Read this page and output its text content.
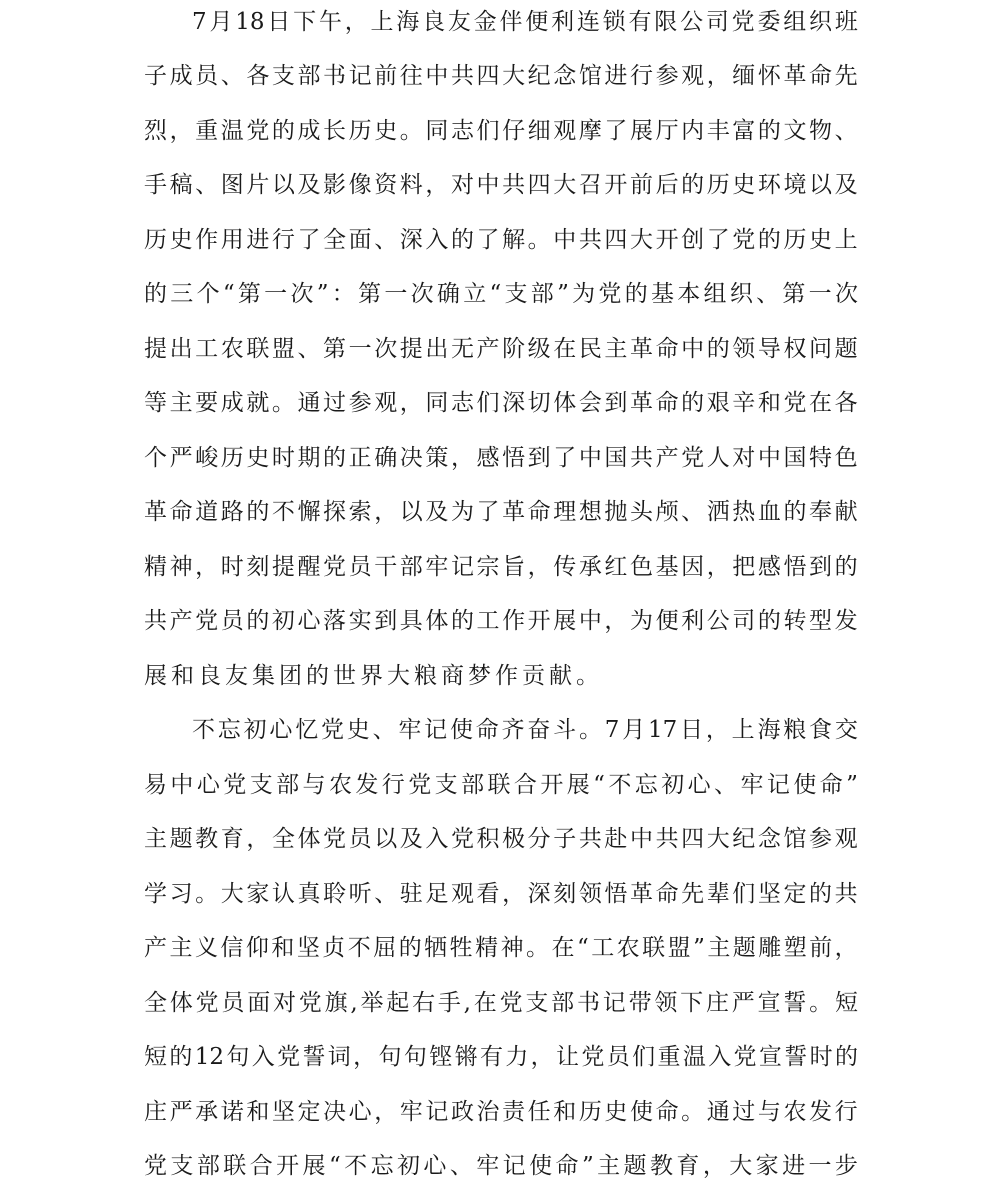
7 月 18 日 下 午 ， 上 海 良 友 金 伴 便 利 连 锁 有 限 公 司 党 委 组 织 班
子 成 员 、 各 支 部 书 记 前 往 中 共 四 大 纪 念 馆 进 行 参 观 ， 缅 怀 革 命 先
烈 ， 重 温 党 的 成 长 历 史 。 同 志 们 仔 细 观 摩 了 展 厅 内 丰 富 的 文 物 、
手 稿 、 图 片 以 及 影 像 资 料 ， 对 中 共 四 大 召 开 前 后 的 历 史 环 境 以 及
历 史 作 用 进 行 了 全 面 、 深 入 的 了 解 。 中 共 四 大 开 创 了 党 的 历 史 上
的 三 个 “ 第 一 次 ” ： 第 一 次 确 立 “ 支 部 ” 为 党 的 基 本 组 织 、 第 一 次
提 出 工 农 联 盟 、 第 一 次 提 出 无 产 阶 级 在 民 主 革 命 中 的 领 导 权 问 题
等 主 要 成 就 。 通 过 参 观 ， 同 志 们 深 切 体 会 到 革 命 的 艰 辛 和 党 在 各
个 严 峻 历 史 时 期 的 正 确 决 策 ， 感 悟 到 了 中 国 共 产 党 人 对 中 国 特 色
革 命 道 路 的 不 懈 探 索 ， 以 及 为 了 革 命 理 想 抛 头 颅 、 洒 热 血 的 奉 献
精 神 ， 时 刻 提 醒 党 员 干 部 牢 记 宗 旨 ， 传 承 红 色 基 因 ， 把 感 悟 到 的
共 产 党 员 的 初 心 落 实 到 具 体 的 工 作 开 展 中 ， 为 便 利 公 司 的 转 型 发
展和良友集团的世界大粮商梦作贡献。
不 忘 初 心 忆 党 史 、 牢 记 使 命 齐 奋 斗 。 7 月 17 日 ， 上 海 粮 食 交
易 中 心 党 支 部 与 农 发 行 党 支 部 联 合 开 展 “ 不 忘 初 心 、 牢 记 使 命 ”
主 题 教 育 ， 全 体 党 员 以 及 入 党 积 极 分 子 共 赴 中 共 四 大 纪 念 馆 参 观
学 习 。 大 家 认 真 聆 听 、 驻 足 观 看 ， 深 刻 领 悟 革 命 先 辈 们 坚 定 的 共
产 主 义 信 仰 和 坚 贞 不 屈 的 牺 牲 精 神 。 在 “ 工 农 联 盟 ” 主 题 雕 塑 前 ，
全 体 党 员 面 对 党 旗 , 举 起 右 手 , 在 党 支 部 书 记 带 领 下 庄 严 宣 誓 。 短
短 的 12 句 入 党 誓 词 ， 句 句 铿 锵 有 力 ， 让 党 员 们 重 温 入 党 宣 誓 时 的
庄 严 承 诺 和 坚 定 决 心 ， 牢 记 政 治 责 任 和 历 史 使 命 。 通 过 与 农 发 行
党 支 部 联 合 开 展 “ 不 忘 初 心 、 牢 记 使 命 ” 主 题 教 育 ， 大 家 进 一 步
